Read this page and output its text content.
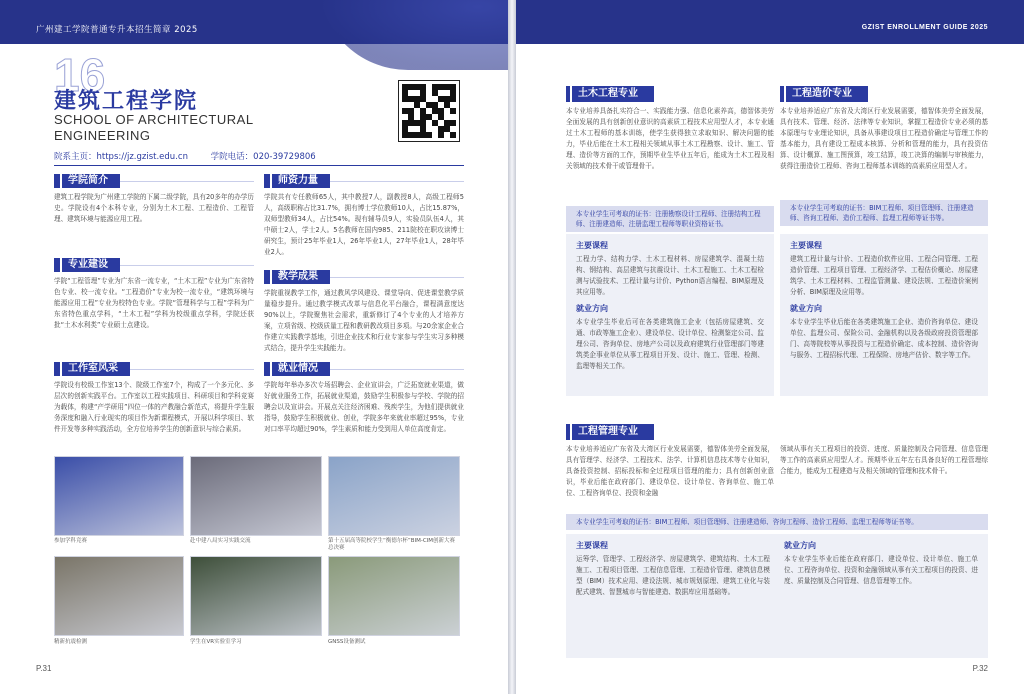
广州建工学院普通专升本招生简章 2025
16
建筑工程学院
SCHOOL OF ARCHITECTURAL ENGINEERING
院系主页：https://jz.gzist.edu.cn	学院电话：020-39729806
学院简介
建筑工程学院为广州建工学院的下属二级学院，具有20多年的办学历史。学院设有4个本科专业，分别为土木工程、工程造价、工程管理、建筑环境与能源应用工程。
专业建设
学院“工程管理”专业为广东省一流专业，“土木工程”专业为广东省特色专业、校一流专业。“工程造价”专业为校一流专业，“建筑环境与能源应用工程”专业为校特色专业。学院“管理科学与工程”学科为广东省特色重点学科，“土木工程”学科为校级重点学科，学院还获批“土木水利类”专业硕士点建设。
工作室风采
学院设有校级工作室13个、院级工作室7个，构成了一个多元化、多层次的创新实践平台。工作室以工程实践项目、科研项目和学科竞赛为载体，构建“产学研用”四位一体的产教融合新范式，将提升学生服务深度和融入行业现实的项目作为新课程模式，开展以科学项目、软件开发等多种实践活动，全方位培养学生的创新意识与综合素质。
师资力量
学院共有专任教师65人，其中教授7人，副教授8人，高级工程师5人，高级职称占比31.7%，拥有博士学位教师10人，占比15.87%，双师型教师34人，占比54%。现有辅导员9人，实验员队伍4人，其中硕士2人，学士2人。5名教师在国内985、211院校在职攻读博士研究生，预计25年毕业1人，26年毕业1人，27年毕业1人，28年毕业2人。
教学成果
学院重视教学工作，通过教风学风建设、课堂导向、促进课堂教学质量稳步提升。通过教学模式改革与信息化平台融合，课程满意度达90%以上，学院聚焦社会需求，重新修订了4个专业的人才培养方案，立项省级、校级质量工程和教研教改项目多项。与20余家企业合作建立实践教学基地，引进企业技术和行业专家参与学生实习多种模式结合，提升学生实践能力。
就业情况
学院每年举办多次专场招聘会、企业宣讲会，广泛拓宽就业渠道，做好就业服务工作，拓展就业渠道，鼓励学生积极参与学校、学院的招聘会以及宣讲会。开展点关注经济困难、残疾学生，为他们提供就业指导，鼓励学生积极就业、创业，学院多年来就业率超过95%，专业对口率平均超过90%，学生素质和能力受到用人单位高度肯定。
参加学科竞赛	赴中建八局实习实践交流	第十五届高等院校学生“衡德尔杯”BIM-CIM创新大赛总决赛
精新抗震检测	学生在VR实验室学习	GNSS设备测试
P.31
GZIST ENROLLMENT GUIDE 2025
土木工程专业
本专业培养具备扎实符合一、实践能力强、信息化素养高，德智体美劳全面发展的具有创新创业意识的高素质工程技术应用型人才，本专业通过土木工程师的基本训练，使学生获得独立求取知识、解决问题的能力，毕业后能在土木工程相关领域从事土木工程勘察、设计、施工、管理、造价等方面的工作，预期毕业生毕业五年后，能成为土木工程及相关领域的技术骨干或管理骨干。
本专业学生可考取的证书：注册勘察设计工程师、注册结构工程师、注册建造师、注册监理工程师等职业资格证书。
主要课程
工程力学、结构力学、土木工程材料、房屋建筑学、混凝土结构、钢结构、高层建筑与抗震设计、土木工程施工、土木工程检测与试验技术、工程计量与计价、Python语言编程、BIM原理及其应用等。
就业方向
本专业学生毕业后可在各类建筑施工企业（包括房屋建筑、交通、市政等施工企业）、建设单位、设计单位、检测鉴定公司、监理公司、咨询单位、房地产公司以及政府建筑行业管理部门等建筑类企事业单位从事工程项目开发、设计、施工、管理、检测、监理等相关工作。
工程造价专业
本专业培养适应广东省及大湾区行业发展需要，德智体美劳全面发展，具有技术、管理、经济、法律等专业知识，掌握工程造价专业必须的基本原理与专业理论知识，具备从事建设项目工程造价确定与管理工作的基本能力，具有建设工程成本核算、分析和管理的能力，具有投资估算、设计概算、施工图预算，竣工结算，竣工决算的编制与审核能力，获得注册造价工程师、咨询工程师基本训练的高素质应用型人才。
本专业学生可考取的证书：BIM工程师、项目管理师、注册建造师、咨询工程师、造价工程师、监理工程师等证书等。
主要课程
建筑工程计量与计价、工程造价软件应用、工程合同管理、工程造价管理、工程项目管理、工程经济学、工程估价概论、房屋建筑学、土木工程材料、工程监管测量、建设法规、工程造价案例分析、BIM原理及应用等。
就业方向
本专业学生毕业后能在各类建筑施工企业、造价咨询单位、建设单位、监理公司、保险公司、金融机构以及各级政府投资管理部门、高等院校等从事投资与工程造价确定、成本控制、造价咨询与服务、工程招标代理、工程保险、房地产估价、数字等工作。
工程管理专业
本专业培养适应广东省及大湾区行业发展需要，德智体美劳全面发展，具有管理学、经济学、工程技术、法学、计算机信息技术等专业知识，具备投资控制、招标投标和全过程项目管理的能力；具有创新创业意识，毕业后能在政府部门、建设单位、设计单位、咨询单位、施工单位、工程咨询单位、投资和金融
领域从事有关工程项目的投资、进度、质量控制及合同管理、信息管理等工作的高素质应用型人才。预期毕业五年左右具备良好的工程管理综合能力，能成为工程建造与及相关领域的管理和技术骨干。
本专业学生可考取的证书：BIM工程师、项目管理师、注册建造师、咨询工程师、造价工程师、监理工程师等证书等。
主要课程
运筹学、管理学、工程经济学、房屋建筑学、建筑结构、土木工程施工、工程项目管理、工程信息管理、工程造价管理、建筑信息模型（BIM）技术应用、建设法规、城市规划原理、建筑工业化与装配式建筑、智慧城市与智能建造、数据库应用基础等。
就业方向
本专业学生毕业后能在政府部门、建设单位、设计单位、施工单位、工程咨询单位、投资和金融领域从事有关工程项目的投资、进度、质量控制及合同管理、信息管理等工作。
P.32
